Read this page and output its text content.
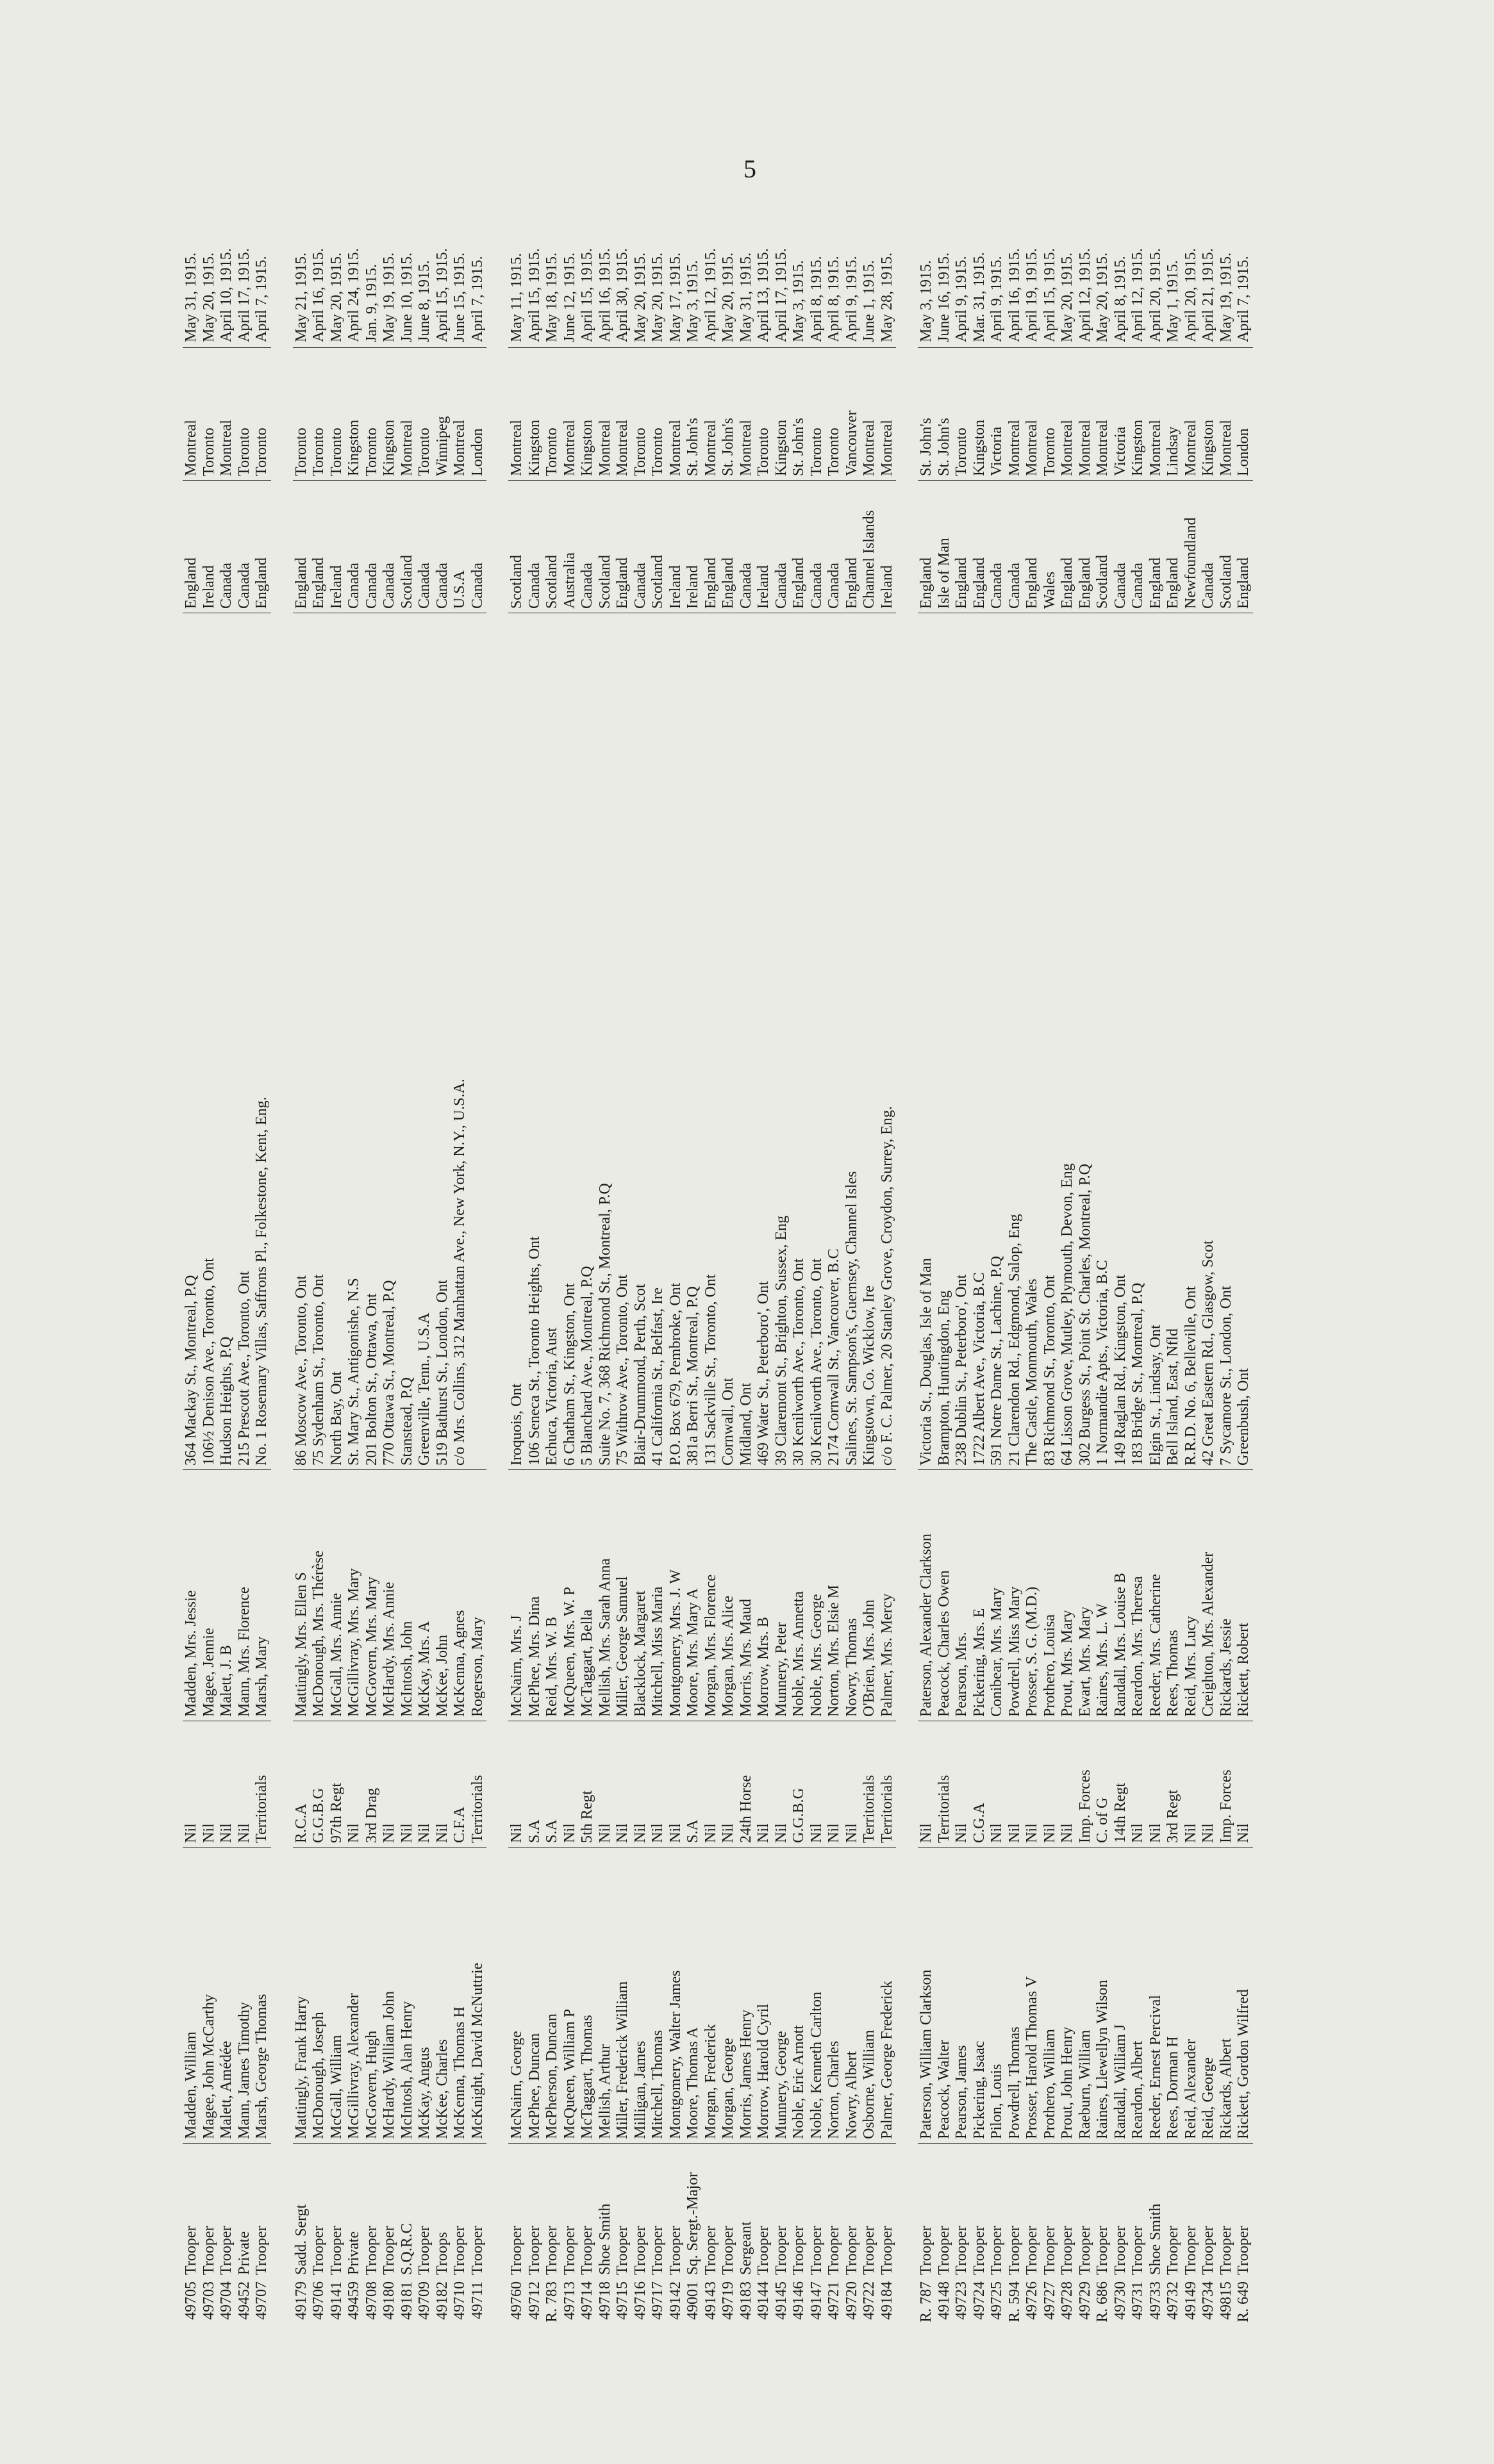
5
49705
Trooper
Madden, William
Nil
Madden, Mrs. Jessie
364 Mackay St., Montreal, P.Q
England
Montreal
May 31, 1915.
49703
Trooper
Magee, John McCarthy
Nil
Magee, Jennie
106½ Denison Ave., Toronto, Ont
Ireland
Toronto
May 20, 1915.
49704
Trooper
Malett, Amédée
Nil
Malett, J. B
Hudson Heights, P.Q
Canada
Montreal
April 10, 1915.
49452
Private
Mann, James Timothy
Nil
Mann, Mrs. Florence
215 Prescott Ave., Toronto, Ont
Canada
Toronto
April 17, 1915.
49707
Trooper
Marsh, George Thomas
Territorials
Marsh, Mary
No. 1 Rosemary Villas, Saffrons Pl., Folkestone, Kent, Eng.
England
Toronto
April 7, 1915.
49179
Sadd. Sergt
Mattingly, Frank Harry
R.C.A
Mattingly, Mrs. Ellen S
86 Moscow Ave., Toronto, Ont
England
Toronto
May 21, 1915.
49706
Trooper
McDonough, Joseph
G.G.B.G
McDonough, Mrs. Thérèse
75 Sydenham St., Toronto, Ont
England
Toronto
April 16, 1915.
49141
Trooper
McGall, William
97th Regt
McGall, Mrs. Annie
North Bay, Ont
Ireland
Toronto
May 20, 1915.
49459
Private
McGillivray, Alexander
Nil
McGillivray, Mrs. Mary
St. Mary St., Antigonishe, N.S
Canada
Kingston
April 24, 1915.
49708
Trooper
McGovern, Hugh
3rd Drag
McGovern, Mrs. Mary
201 Bolton St., Ottawa, Ont
Canada
Toronto
Jan. 9, 1915.
49180
Trooper
McHardy, William John
Nil
McHardy, Mrs. Annie
770 Ottawa St., Montreal, P.Q
Canada
Kingston
May 19, 1915.
49181
S.Q.R.C
McIntosh, Alan Henry
Nil
McIntosh, John
Stanstead, P.Q
Scotland
Montreal
June 10, 1915.
49709
Trooper
McKay, Angus
Nil
McKay, Mrs. A
Greenville, Tenn., U.S.A
Canada
Toronto
June 8, 1915.
49182
Troops
McKee, Charles
Nil
McKee, John
519 Bathurst St., London, Ont
Canada
Winnipeg
April 15, 1915.
49710
Trooper
McKenna, Thomas H
C.F.A
McKenna, Agnes
c/o Mrs. Collins, 312 Manhattan Ave., New York, N.Y., U.S.A.
U.S.A
Montreal
June 15, 1915.
49711
Trooper
McKnight, David McNuttrie
Territorials
Rogerson, Mary
Canada
London
April 7, 1915.
49760
Trooper
McNairn, George
Nil
McNairn, Mrs. J
Iroquois, Ont
Scotland
Montreal
May 11, 1915.
49712
Trooper
McPhee, Duncan
S.A
McPhee, Mrs. Dina
106 Seneca St., Toronto Heights, Ont
Canada
Kingston
April 15, 1915.
R. 783
Trooper
McPherson, Duncan
S.A
Reid, Mrs. W. B
Echuca, Victoria, Aust
Scotland
Toronto
May 18, 1915.
49713
Trooper
McQueen, William P
Nil
McQueen, Mrs. W. P
6 Chatham St., Kingston, Ont
Australia
Montreal
June 12, 1915.
49714
Trooper
McTaggart, Thomas
5th Regt
McTaggart, Bella
5 Blanchard Ave., Montreal, P.Q
Canada
Kingston
April 15, 1915.
49718
Shoe Smith
Mellish, Arthur
Nil
Mellish, Mrs. Sarah Anna
Suite No. 7, 368 Richmond St., Montreal, P.Q
Scotland
Montreal
April 16, 1915.
49715
Trooper
Miller, Frederick William
Nil
Miller, George Samuel
75 Withrow Ave., Toronto, Ont
England
Montreal
April 30, 1915.
49716
Trooper
Milligan, James
Nil
Blacklock, Margaret
Blair-Drummond, Perth, Scot
Canada
Toronto
May 20, 1915.
49717
Trooper
Mitchell, Thomas
Nil
Mitchell, Miss Maria
41 California St., Belfast, Ire
Scotland
Toronto
May 20, 1915.
49142
Trooper
Montgomery, Walter James
Nil
Montgomery, Mrs. J. W
P.O. Box 679, Pembroke, Ont
Ireland
Montreal
May 17, 1915.
49001
Sq. Sergt.-Major
Moore, Thomas A
S.A
Moore, Mrs. Mary A
381a Berri St., Montreal, P.Q
Ireland
St. John's
May 3, 1915.
49143
Trooper
Morgan, Frederick
Nil
Morgan, Mrs. Florence
131 Sackville St., Toronto, Ont
England
Montreal
April 12, 1915.
49719
Trooper
Morgan, George
Nil
Morgan, Mrs. Alice
Cornwall, Ont
England
St. John's
May 20, 1915.
49183
Sergeant
Morris, James Henry
24th Horse
Morris, Mrs. Maud
Midland, Ont
Canada
Montreal
May 31, 1915.
49144
Trooper
Morrow, Harold Cyril
Nil
Morrow, Mrs. B
469 Water St., Peterboro', Ont
Ireland
Toronto
April 13, 1915.
49145
Trooper
Munnery, George
Nil
Munnery, Peter
39 Claremont St., Brighton, Sussex, Eng
Canada
Kingston
April 17, 1915.
49146
Trooper
Noble, Eric Arnott
G.G.B.G
Noble, Mrs. Annetta
30 Kenilworth Ave., Toronto, Ont
England
St. John's
May 3, 1915.
49147
Trooper
Noble, Kenneth Carlton
Nil
Noble, Mrs. George
30 Kenilworth Ave., Toronto, Ont
Canada
Toronto
April 8, 1915.
49721
Trooper
Norton, Charles
Nil
Norton, Mrs. Elsie M
2174 Cornwall St., Vancouver, B.C
Canada
Toronto
April 8, 1915.
49720
Trooper
Nowry, Albert
Nil
Nowry, Thomas
Salines, St. Sampson's, Guernsey, Channel Isles
England
Vancouver
April 9, 1915.
49722
Trooper
Osborne, William
Territorials
O'Brien, Mrs. John
Kingstown, Co. Wicklow, Ire
Channel Islands
Montreal
June 1, 1915.
49184
Trooper
Palmer, George Frederick
Territorials
Palmer, Mrs. Mercy
c/o F. C. Palmer, 20 Stanley Grove, Croydon, Surrey, Eng.
Ireland
Montreal
May 28, 1915.
R. 787
Trooper
Paterson, William Clarkson
Nil
Paterson, Alexander Clarkson
Victoria St., Douglas, Isle of Man
England
St. John's
May 3, 1915.
49148
Trooper
Peacock, Walter
Territorials
Peacock, Charles Owen
Brampton, Huntingdon, Eng
Isle of Man
St. John's
June 16, 1915.
49723
Trooper
Pearson, James
Nil
Pearson, Mrs.
238 Dublin St., Peterboro', Ont
England
Toronto
April 9, 1915.
49724
Trooper
Pickering, Isaac
C.G.A
Pickering, Mrs. E
1722 Albert Ave., Victoria, B.C
England
Kingston
Mar. 31, 1915.
49725
Trooper
Pilon, Louis
Nil
Conibear, Mrs. Mary
591 Notre Dame St., Lachine, P.Q
Canada
Victoria
April 9, 1915.
R. 594
Trooper
Powdrell, Thomas
Nil
Powdrell, Miss Mary
21 Clarendon Rd., Edgmond, Salop, Eng
Canada
Montreal
April 16, 1915.
49726
Trooper
Prosser, Harold Thomas V
Nil
Prosser, S. G. (M.D.)
The Castle, Monmouth, Wales
England
Montreal
April 19, 1915.
49727
Trooper
Prothero, William
Nil
Prothero, Louisa
83 Richmond St., Toronto, Ont
Wales
Toronto
April 15, 1915.
49728
Trooper
Prout, John Henry
Nil
Prout, Mrs. Mary
64 Lisson Grove, Mutley, Plymouth, Devon, Eng
England
Montreal
May 20, 1915.
49729
Trooper
Raeburn, William
Imp. Forces
Ewart, Mrs. Mary
302 Burgess St., Point St. Charles, Montreal, P.Q
England
Montreal
April 12, 1915.
R. 686
Trooper
Raines, Llewellyn Wilson
C. of G
Raines, Mrs. L. W
1 Normandie Apts., Victoria, B.C
Scotland
Montreal
May 20, 1915.
49730
Trooper
Randall, William J
14th Regt
Randall, Mrs. Louise B
149 Raglan Rd., Kingston, Ont
Canada
Victoria
April 8, 1915.
49731
Trooper
Reardon, Albert
Nil
Reardon, Mrs. Theresa
183 Bridge St., Montreal, P.Q
Canada
Kingston
April 12, 1915.
49733
Shoe Smith
Reeder, Ernest Percival
Nil
Reeder, Mrs. Catherine
Elgin St., Lindsay, Ont
England
Montreal
April 20, 1915.
49732
Trooper
Rees, Dorman H
3rd Regt
Rees, Thomas
Bell Island, East, Nfld
England
Lindsay
May 1, 1915.
49149
Trooper
Reid, Alexander
Nil
Reid, Mrs. Lucy
R.R.D. No. 6, Belleville, Ont
Newfoundland
Montreal
April 20, 1915.
49734
Trooper
Reid, George
Nil
Creighton, Mrs. Alexander
42 Great Eastern Rd., Glasgow, Scot
Canada
Kingston
April 21, 1915.
49815
Trooper
Rickards, Albert
Imp. Forces
Rickards, Jessie
7 Sycamore St., London, Ont
Scotland
Montreal
May 19, 1915.
R. 649
Trooper
Rickett, Gordon Wilfred
Nil
Rickett, Robert
Greenbush, Ont
England
London
April 7, 1915.
